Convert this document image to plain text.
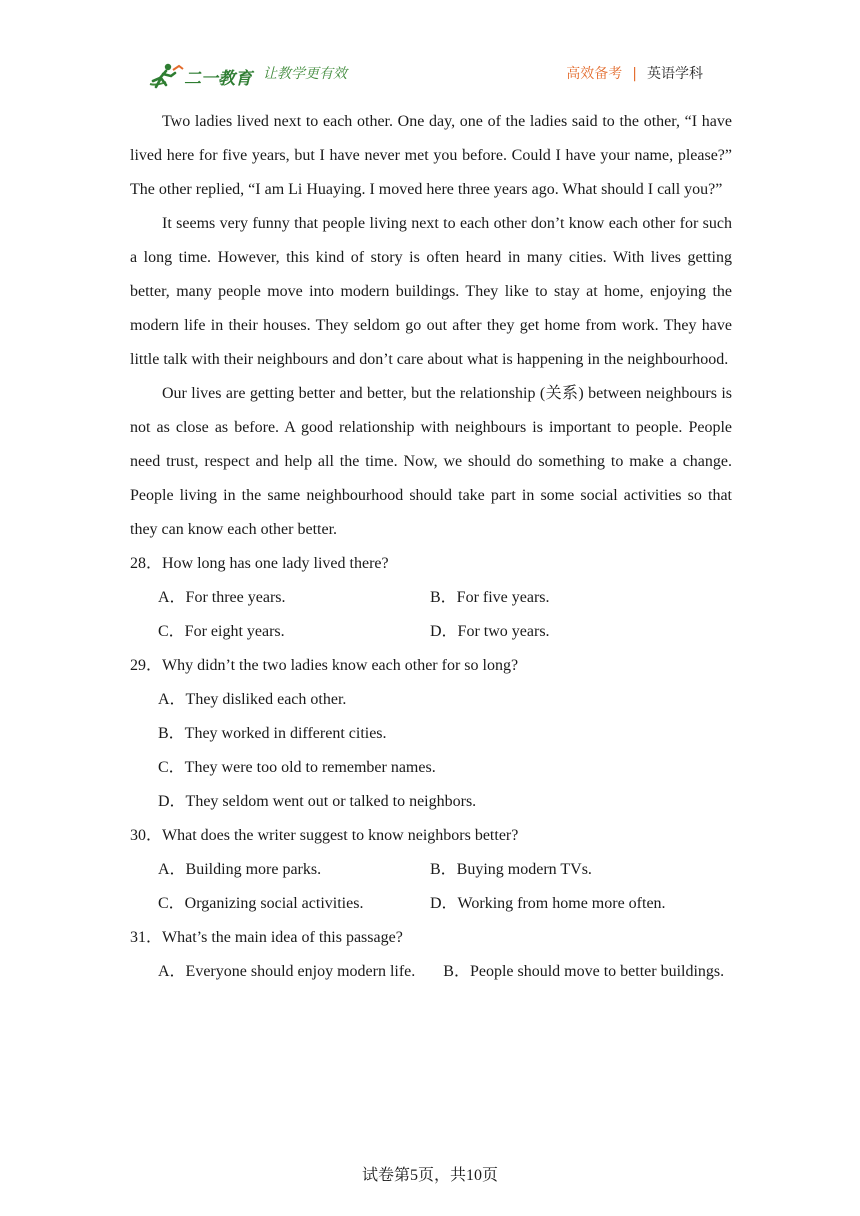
二一教育 让教学更有效	高效备考 | 英语学科

Two ladies lived next to each other. One day, one of the ladies said to the other, “I have lived here for five years, but I have never met you before. Could I have your name, please?” The other replied, “I am Li Huaying. I moved here three years ago. What should I call you?”

It seems very funny that people living next to each other don’t know each other for such a long time. However, this kind of story is often heard in many cities. With lives getting better, many people move into modern buildings. They like to stay at home, enjoying the modern life in their houses. They seldom go out after they get home from work. They have little talk with their neighbours and don’t care about what is happening in the neighbourhood.

Our lives are getting better and better, but the relationship (关系) between neighbours is not as close as before. A good relationship with neighbours is important to people. People need trust, respect and help all the time. Now, we should do something to make a change. People living in the same neighbourhood should take part in some social activities so that they can know each other better.

28．How long has one lady lived there?

A．For three years.	B．For five years.
C．For eight years.	D．For two years.

29．Why didn’t the two ladies know each other for so long?

A．They disliked each other.
B．They worked in different cities.
C．They were too old to remember names.
D．They seldom went out or talked to neighbors.

30．What does the writer suggest to know neighbors better?

A．Building more parks.	B．Buying modern TVs.
C．Organizing social activities.	D．Working from home more often.

31．What’s the main idea of this passage?

A．Everyone should enjoy modern life. B．People should move to better buildings.
试卷第5页，共10页
